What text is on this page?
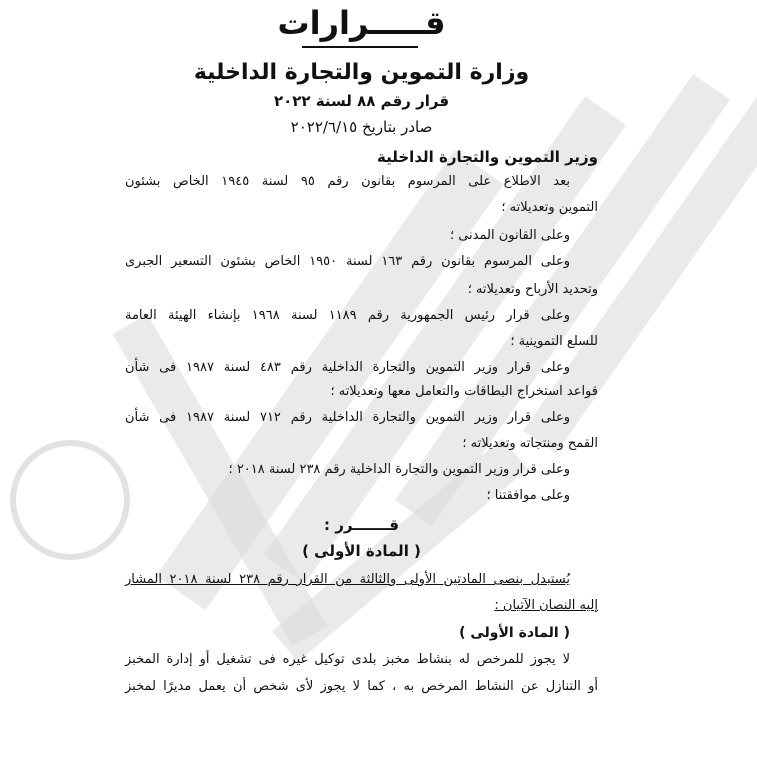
قـــــرارات
وزارة التموين والتجارة الداخلية
قرار رقم ٨٨ لسنة ٢٠٢٢
صادر بتاريخ ٢٠٢٢/٦/١٥
وزير التموين والتجارة الداخلية
بعد الاطلاع على المرسوم بقانون رقم ٩٥ لسنة ١٩٤٥ الخاص بشئون
التموين وتعديلاته ؛
وعلى القانون المدنى ؛
وعلى المرسوم بقانون رقم ١٦٣ لسنة ١٩٥٠ الخاص بشئون التسعير الجبرى
وتحديد الأرباح وتعديلاته ؛
وعلى قرار رئيس الجمهورية رقم ١١٨٩ لسنة ١٩٦٨ بإنشاء الهيئة العامة
للسلع التموينية ؛
وعلى قرار وزير التموين والتجارة الداخلية رقم ٤٨٣ لسنة ١٩٨٧ فى شأن
قواعد استخراج البطاقات والتعامل معها وتعديلاته ؛
وعلى قرار وزير التموين والتجارة الداخلية رقم ٧١٢ لسنة ١٩٨٧ فى شأن
القمح ومنتجاته وتعديلاته ؛
وعلى قرار وزير التموين والتجارة الداخلية رقم ٢٣٨ لسنة ٢٠١٨ ؛
وعلى موافقتنا ؛
قـــــــرر :
( المادة الأولى )
يُستبدل بنصى المادتين الأولى والثالثة من القرار رقم ٢٣٨ لسنة ٢٠١٨ المشار
إليه النصان الآتيان :
( المادة الأولى )
لا يجوز للمرخص له بنشاط مخبز بلدى توكيل غيره فى تشغيل أو إدارة المخبز
أو التنازل عن النشاط المرخص به ، كما لا يجوز لأى شخص أن يعمل مديرًا لمخبز
